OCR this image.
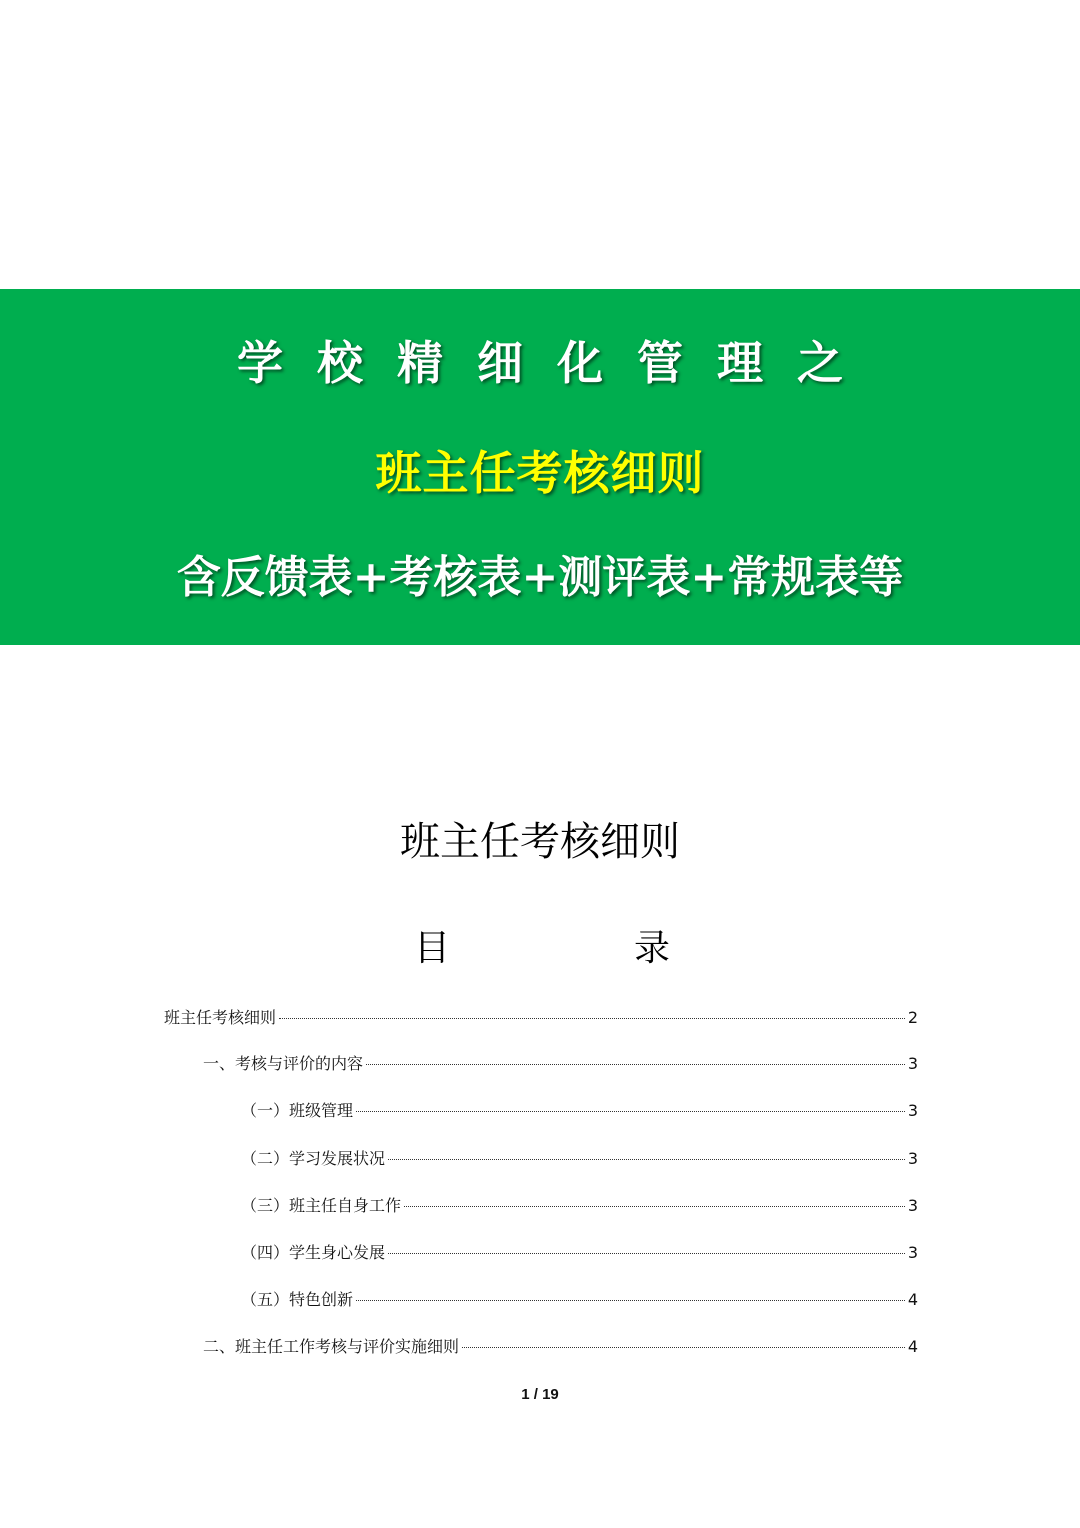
学校精细化管理之
班主任考核细则
含反馈表+考核表+测评表+常规表等
班主任考核细则
目	录
班主任考核细则	2
一、考核与评价的内容	3
（一）班级管理	3
（二）学习发展状况	3
（三）班主任自身工作	3
（四）学生身心发展	3
（五）特色创新	4
二、班主任工作考核与评价实施细则	4
1 / 19
